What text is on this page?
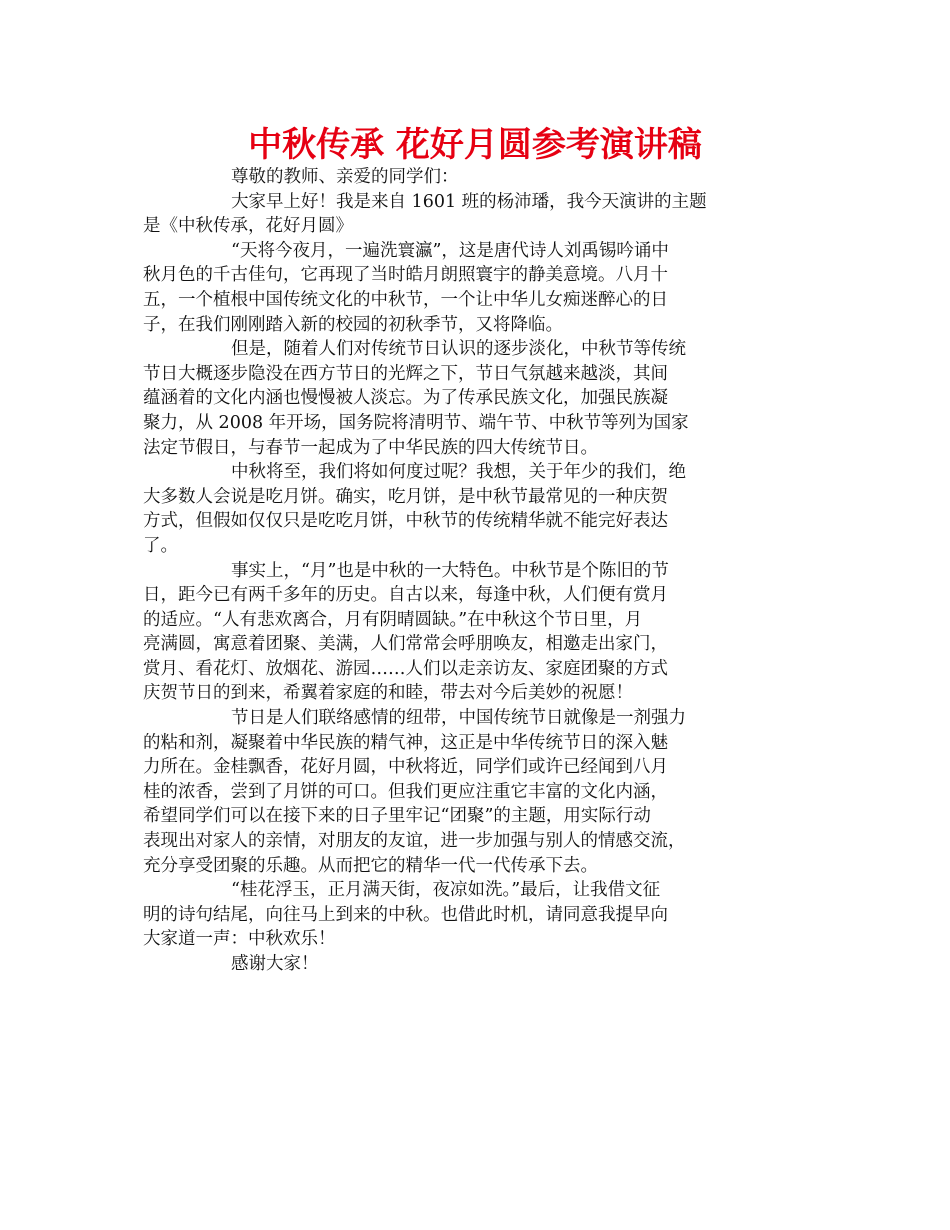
中秋传承 花好月圆参考演讲稿
尊敬的教师、亲爱的同学们：
大家早上好！我是来自 1601 班的杨沛璠，我今天演讲的主题
是《中秋传承，花好月圆》
“天将今夜月，一遍洗寰瀛”，这是唐代诗人刘禹锡吟诵中
秋月色的千古佳句，它再现了当时皓月朗照寰宇的静美意境。八月十
五，一个植根中国传统文化的中秋节，一个让中华儿女痴迷醉心的日
子，在我们刚刚踏入新的校园的初秋季节，又将降临。
但是，随着人们对传统节日认识的逐步淡化，中秋节等传统
节日大概逐步隐没在西方节日的光辉之下，节日气氛越来越淡，其间
蕴涵着的文化内涵也慢慢被人淡忘。为了传承民族文化，加强民族凝
聚力，从 2008 年开场，国务院将清明节、端午节、中秋节等列为国家
法定节假日，与春节一起成为了中华民族的四大传统节日。
中秋将至，我们将如何度过呢？我想，关于年少的我们，绝
大多数人会说是吃月饼。确实，吃月饼，是中秋节最常见的一种庆贺
方式，但假如仅仅只是吃吃月饼，中秋节的传统精华就不能完好表达
了。
事实上，“月”也是中秋的一大特色。中秋节是个陈旧的节
日，距今已有两千多年的历史。自古以来，每逢中秋，人们便有赏月
的适应。“人有悲欢离合，月有阴晴圆缺。”在中秋这个节日里，月
亮满圆，寓意着团聚、美满，人们常常会呼朋唤友，相邀走出家门，
赏月、看花灯、放烟花、游园……人们以走亲访友、家庭团聚的方式
庆贺节日的到来，希翼着家庭的和睦，带去对今后美妙的祝愿！
节日是人们联络感情的纽带，中国传统节日就像是一剂强力
的粘和剂，凝聚着中华民族的精气神，这正是中华传统节日的深入魅
力所在。金桂飘香，花好月圆，中秋将近，同学们或许已经闻到八月
桂的浓香，尝到了月饼的可口。但我们更应注重它丰富的文化内涵，
希望同学们可以在接下来的日子里牢记“团聚”的主题，用实际行动
表现出对家人的亲情，对朋友的友谊，进一步加强与别人的情感交流，
充分享受团聚的乐趣。从而把它的精华一代一代传承下去。
“桂花浮玉，正月满天街，夜凉如洗。”最后，让我借文征
明的诗句结尾，向往马上到来的中秋。也借此时机，请同意我提早向
大家道一声：中秋欢乐！
感谢大家！
